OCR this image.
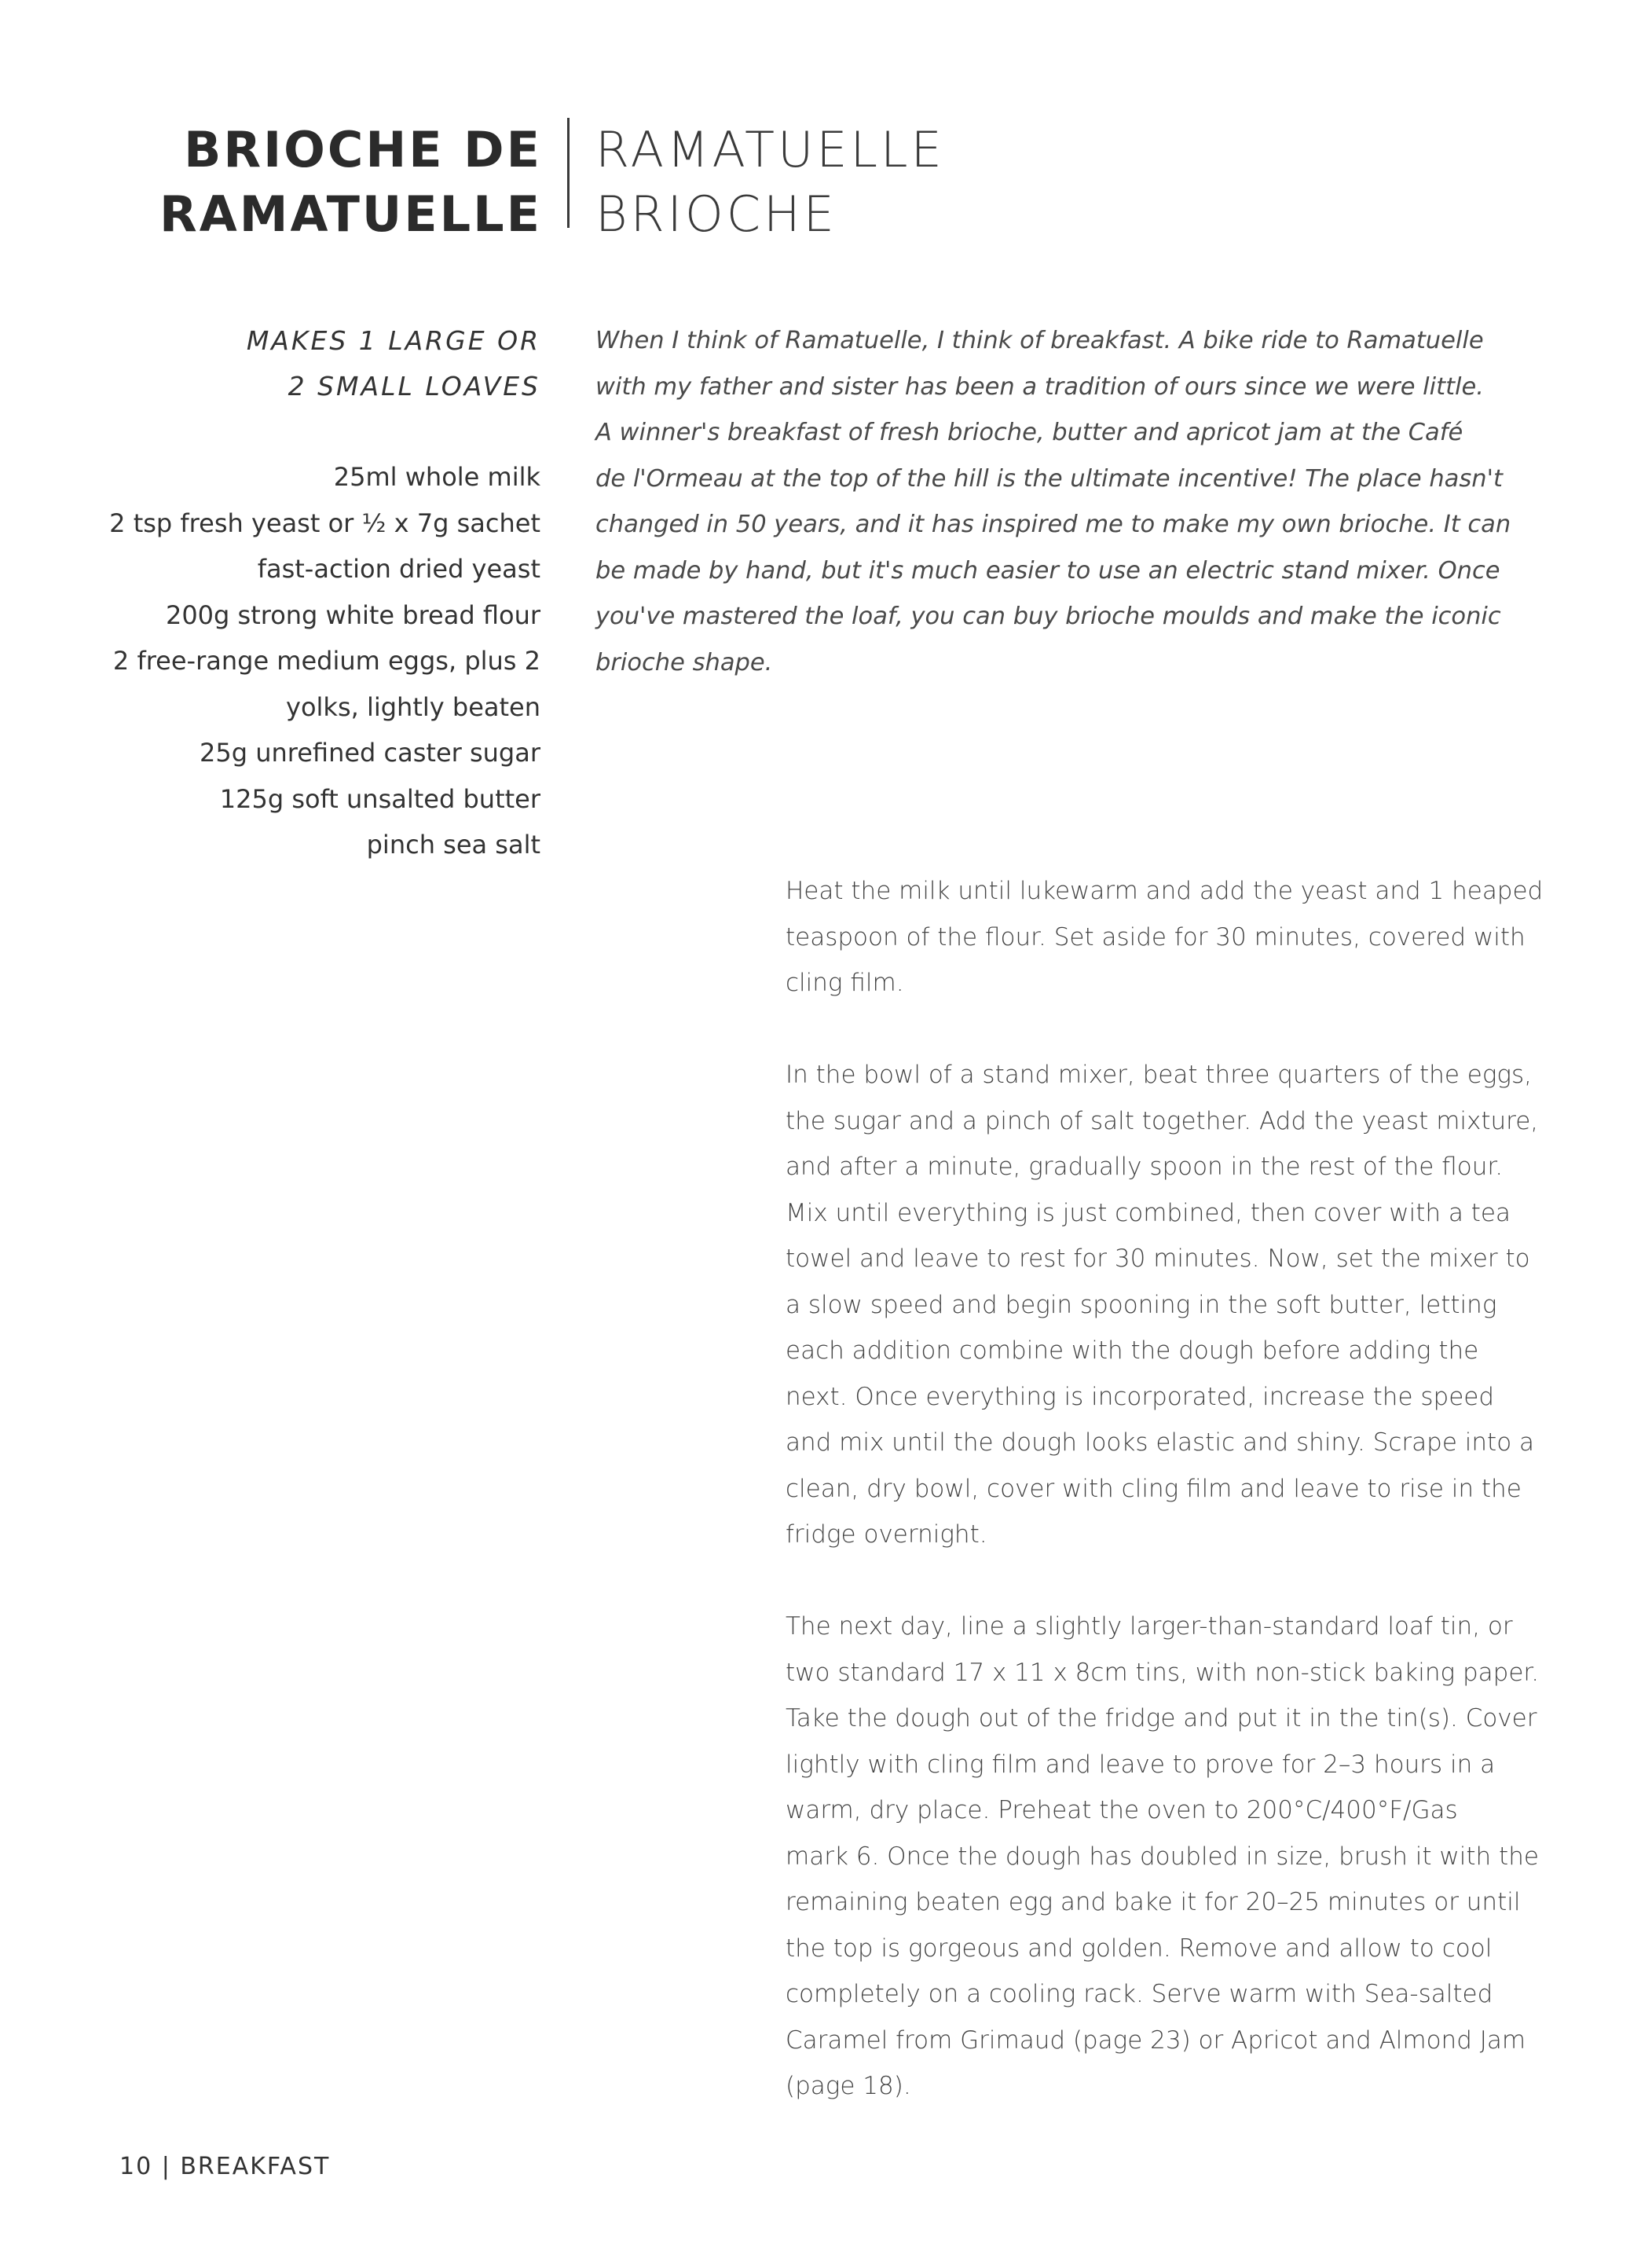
BRIOCHE DE
RAMATUELLE
RAMATUELLE
BRIOCHE
MAKES 1 LARGE OR
2 SMALL LOAVES
25ml whole milk
2 tsp fresh yeast or ½ x 7g sachet
fast-action dried yeast
200g strong white bread flour
2 free-range medium eggs, plus 2
yolks, lightly beaten
25g unrefined caster sugar
125g soft unsalted butter
pinch sea salt
When I think of Ramatuelle, I think of breakfast. A bike ride to Ramatuelle
with my father and sister has been a tradition of ours since we were little.
A winner's breakfast of fresh brioche, butter and apricot jam at the Café
de l'Ormeau at the top of the hill is the ultimate incentive! The place hasn't
changed in 50 years, and it has inspired me to make my own brioche. It can
be made by hand, but it's much easier to use an electric stand mixer. Once
you've mastered the loaf, you can buy brioche moulds and make the iconic
brioche shape.

Heat the milk until lukewarm and add the yeast and 1 heaped
teaspoon of the flour. Set aside for 30 minutes, covered with
cling film.

In the bowl of a stand mixer, beat three quarters of the eggs,
the sugar and a pinch of salt together. Add the yeast mixture,
and after a minute, gradually spoon in the rest of the flour.
Mix until everything is just combined, then cover with a tea
towel and leave to rest for 30 minutes. Now, set the mixer to
a slow speed and begin spooning in the soft butter, letting
each addition combine with the dough before adding the
next. Once everything is incorporated, increase the speed
and mix until the dough looks elastic and shiny. Scrape into a
clean, dry bowl, cover with cling film and leave to rise in the
fridge overnight.

The next day, line a slightly larger-than-standard loaf tin, or
two standard 17 x 11 x 8cm tins, with non-stick baking paper.
Take the dough out of the fridge and put it in the tin(s). Cover
lightly with cling film and leave to prove for 2–3 hours in a
warm, dry place. Preheat the oven to 200°C/400°F/Gas
mark 6. Once the dough has doubled in size, brush it with the
remaining beaten egg and bake it for 20–25 minutes or until
the top is gorgeous and golden. Remove and allow to cool
completely on a cooling rack. Serve warm with Sea-salted
Caramel from Grimaud (page 23) or Apricot and Almond Jam
(page 18).

10 | BREAKFAST
